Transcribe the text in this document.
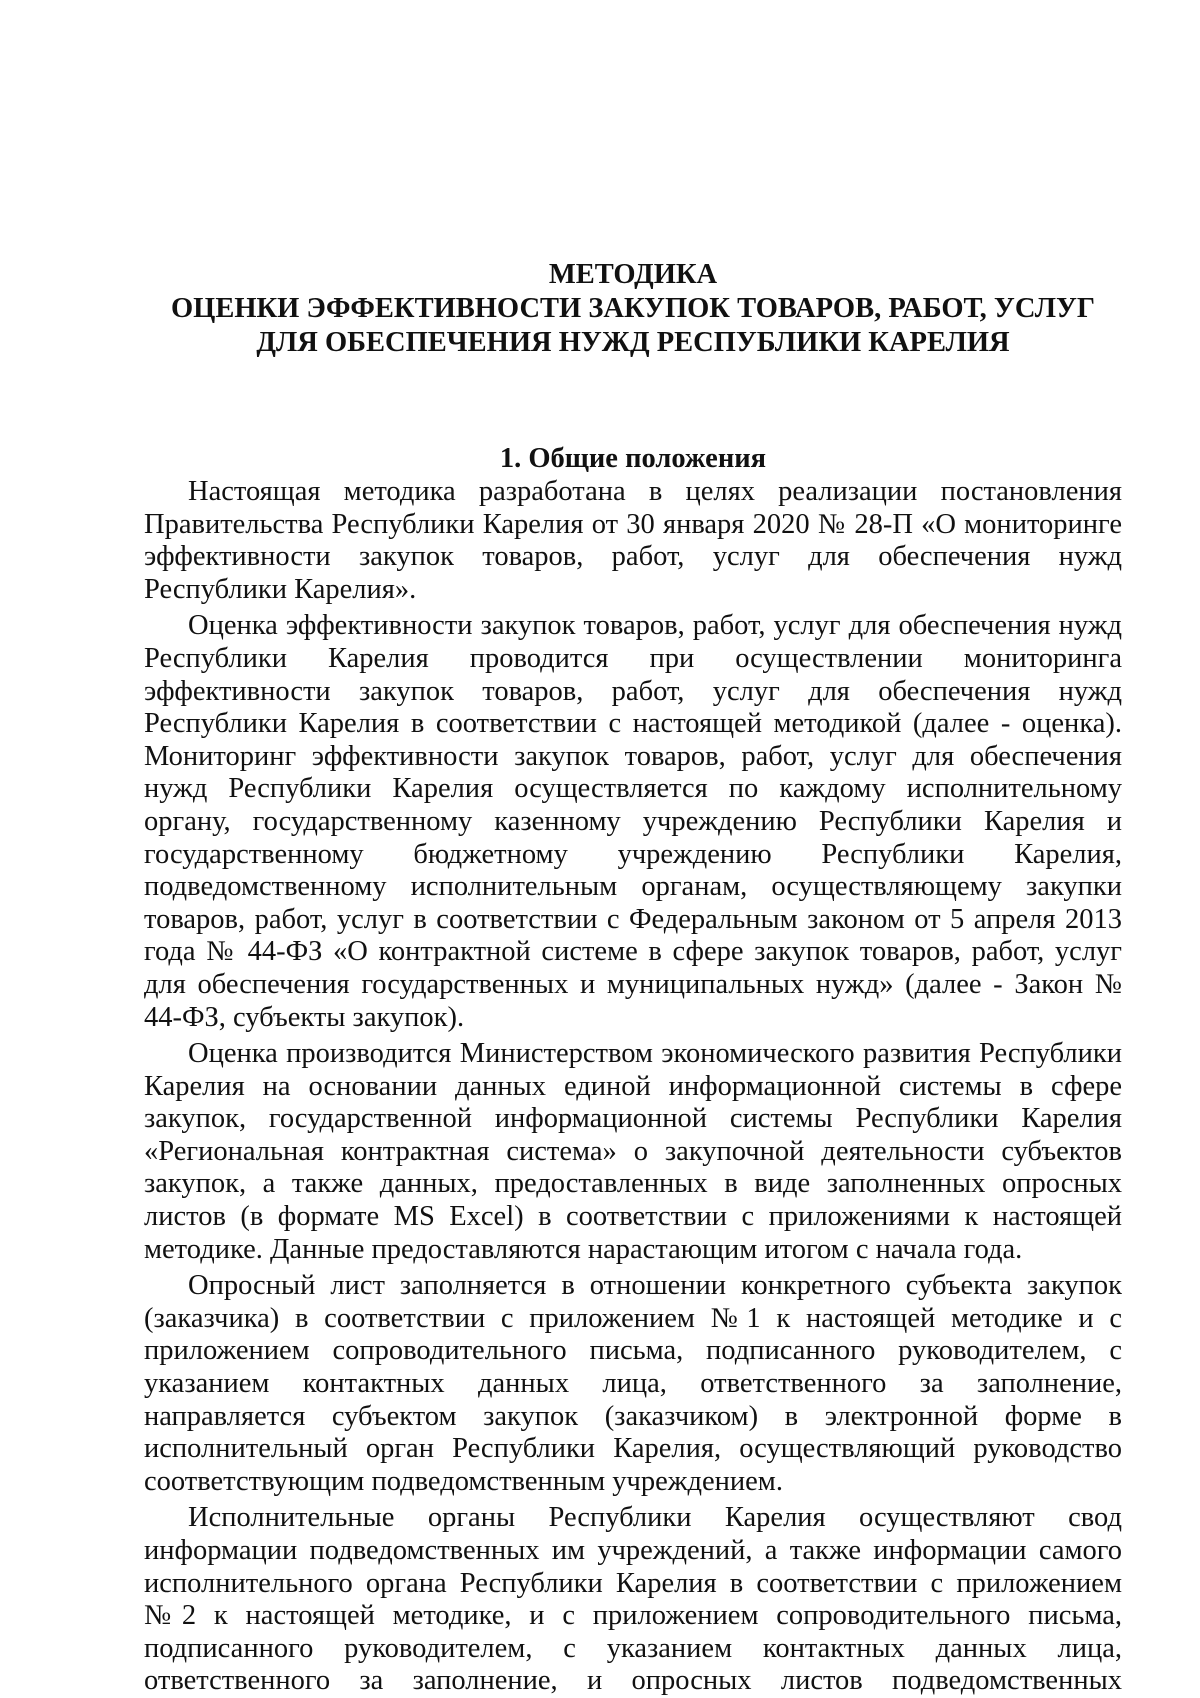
МЕТОДИКА
ОЦЕНКИ ЭФФЕКТИВНОСТИ ЗАКУПОК ТОВАРОВ, РАБОТ, УСЛУГ
ДЛЯ ОБЕСПЕЧЕНИЯ НУЖД РЕСПУБЛИКИ КАРЕЛИЯ
1. Общие положения

Настоящая методика разработана в целях реализации постановления Правительства Республики Карелия от 30 января 2020 № 28-П «О мониторинге эффективности закупок товаров, работ, услуг для обеспечения нужд Республики Карелия».

Оценка эффективности закупок товаров, работ, услуг для обеспечения нужд Республики Карелия проводится при осуществлении мониторинга эффективности закупок товаров, работ, услуг для обеспечения нужд Республики Карелия в соответствии с настоящей методикой (далее - оценка). Мониторинг эффективности закупок товаров, работ, услуг для обеспечения нужд Республики Карелия осуществляется по каждому исполнительному органу, государственному казенному учреждению Республики Карелия и государственному бюджетному учреждению Республики Карелия, подведомственному исполнительным органам, осуществляющему закупки товаров, работ, услуг в соответствии с Федеральным законом от 5 апреля 2013 года № 44-ФЗ «О контрактной системе в сфере закупок товаров, работ, услуг для обеспечения государственных и муниципальных нужд» (далее - Закон № 44-ФЗ, субъекты закупок).

Оценка производится Министерством экономического развития Республики Карелия на основании данных единой информационной системы в сфере закупок, государственной информационной системы Республики Карелия «Региональная контрактная система» о закупочной деятельности субъектов закупок, а также данных, предоставленных в виде заполненных опросных листов (в формате MS Excel) в соответствии с приложениями к настоящей методике. Данные предоставляются нарастающим итогом с начала года.

Опросный лист заполняется в отношении конкретного субъекта закупок (заказчика) в соответствии с приложением №1 к настоящей методике и с приложением сопроводительного письма, подписанного руководителем, с указанием контактных данных лица, ответственного за заполнение, направляется субъектом закупок (заказчиком) в электронной форме в исполнительный орган Республики Карелия, осуществляющий руководство соответствующим подведомственным учреждением.

Исполнительные органы Республики Карелия осуществляют свод информации подведомственных им учреждений, а также информации самого исполнительного органа Республики Карелия в соответствии с приложением №2 к настоящей методике, и с приложением сопроводительного письма, подписанного руководителем, с указанием контактных данных лица, ответственного за заполнение, и опросных листов подведомственных
